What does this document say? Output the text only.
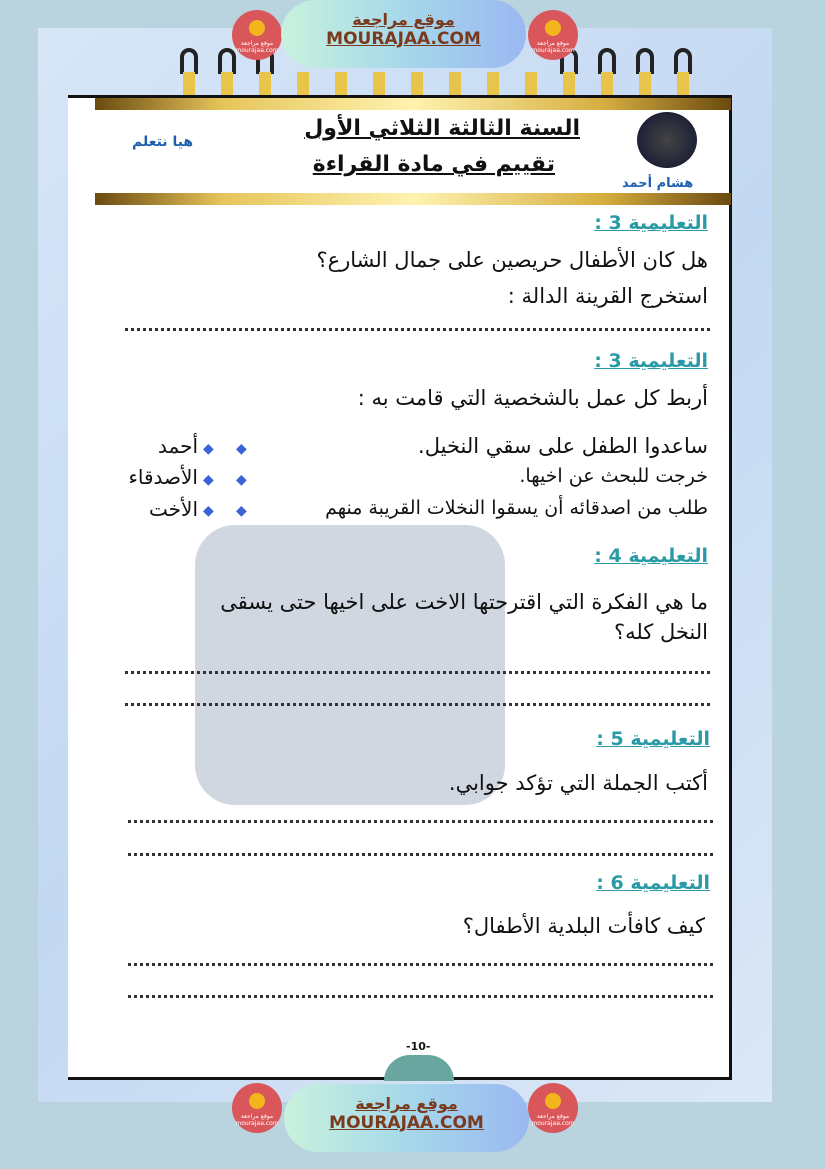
السنة الثالثة الثلاثي الأول
تقييم في مادة القراءة
هيا نتعلم
هشام أحمد
التعليمية 3 :
هل كان الأطفال حريصين على جمال الشارع؟
استخرج القرينة الدالة :
التعليمية 3 :
أربط كل عمل بالشخصية التي قامت به :
ساعدوا الطفل على سقي النخيل.
خرجت للبحث عن اخيها.
طلب من اصدقائه أن يسقوا النخلات القريبة منهم
◆
◆
◆
◆
◆
◆
أحمد
الأصدقاء
الأخت
التعليمية 4 :
ما هي الفكرة التي اقترحتها الاخت على اخيها حتى يسقى
النخل كله؟
التعليمية 5 :
أكتب الجملة التي تؤكد جوابي.
التعليمية 6 :
كيف كافأت البلدية الأطفال؟
-10-
موقع مراجعة mourajaa.com
موقع مراجعة mourajaa.com
موقع مراجعة
MOURAJAA.COM
موقع مراجعة mourajaa.com
موقع مراجعة mourajaa.com
موقع مراجعة
MOURAJAA.COM
